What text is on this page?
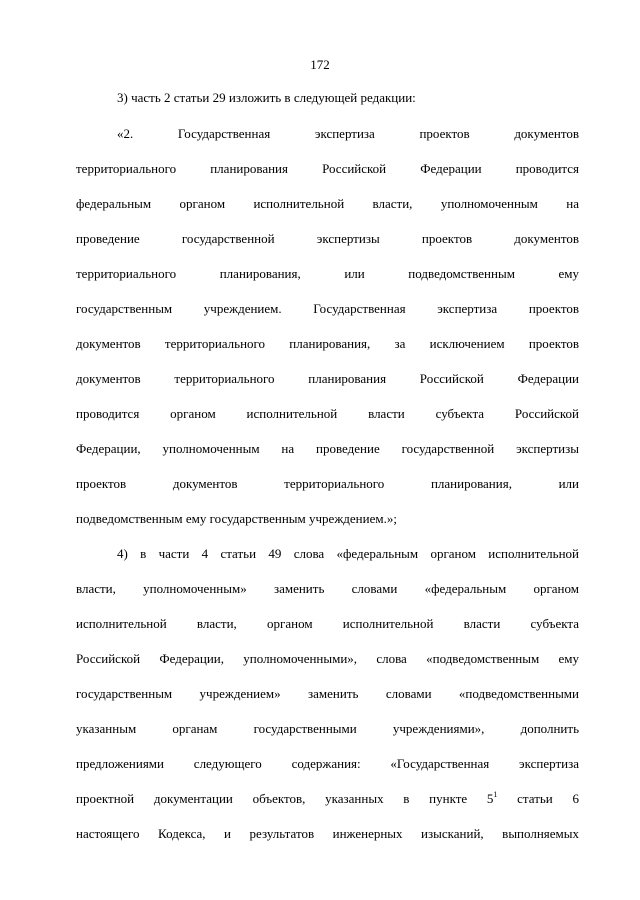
172
3) часть 2 статьи 29 изложить в следующей редакции:
«2. Государственная экспертиза проектов документов
территориального планирования Российской Федерации проводится
федеральным органом исполнительной власти, уполномоченным на
проведение государственной экспертизы проектов документов
территориального планирования, или подведомственным ему
государственным учреждением. Государственная экспертиза проектов
документов территориального планирования, за исключением проектов
документов территориального планирования Российской Федерации
проводится органом исполнительной власти субъекта Российской
Федерации, уполномоченным на проведение государственной экспертизы
проектов документов территориального планирования, или
подведомственным ему государственным учреждением.»;
4) в части 4 статьи 49 слова «федеральным органом исполнительной
власти, уполномоченным» заменить словами «федеральным органом
исполнительной власти, органом исполнительной власти субъекта
Российской Федерации, уполномоченными», слова «подведомственным ему
государственным учреждением» заменить словами «подведомственными
указанным органам государственными учреждениями», дополнить
предложениями следующего содержания: «Государственная экспертиза
проектной документации объектов, указанных в пункте $5^1$ статьи 6
настоящего Кодекса, и результатов инженерных изысканий, выполняемых
